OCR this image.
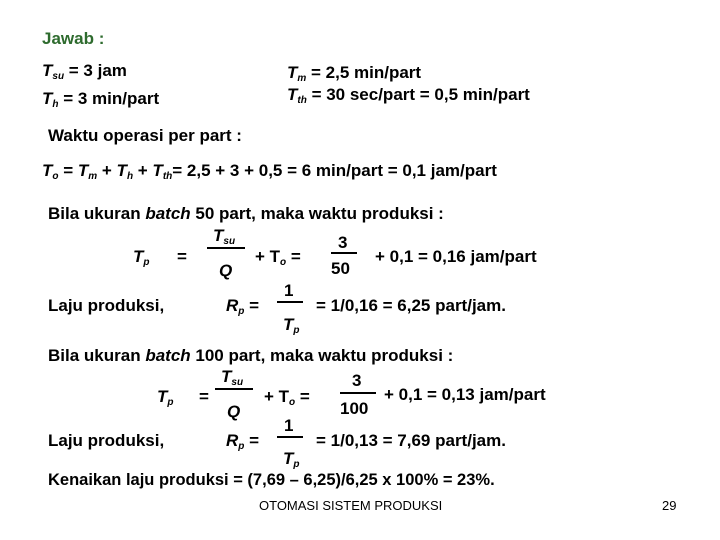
Jawab :
$T_{su} = 3$ jam
$T_h = 3$ min/part
$T_m = 2,5$ min/part
$T_{th} = 30$ sec/part = 0,5 min/part
Waktu operasi per part :
$T_o = T_m + T_h + T_{th}= 2,5 + 3 + 0,5 = 6$ min/part = 0,1 jam/part
Bila ukuran batch 50 part, maka waktu produksi :
$T_p$ =
$T_{su}$
Q
+ $T_o$ =
3
50
+ 0,1 = 0,16 jam/part
Laju produksi,	$R_p$ =
1
$T_p$
= 1/0,16 = 6,25 part/jam.
Bila ukuran batch 100 part, maka waktu produksi :
$T_p$ =
$T_{su}$
Q
+ $T_o$ =
3
100
+ 0,1 = 0,13 jam/part
Laju produksi,	$R_p$ =
1
$T_p$
= 1/0,13 = 7,69 part/jam.
Kenaikan laju produksi = (7,69 – 6,25)/6,25 x 100% = 23%.
OTOMASI SISTEM PRODUKSI	29
